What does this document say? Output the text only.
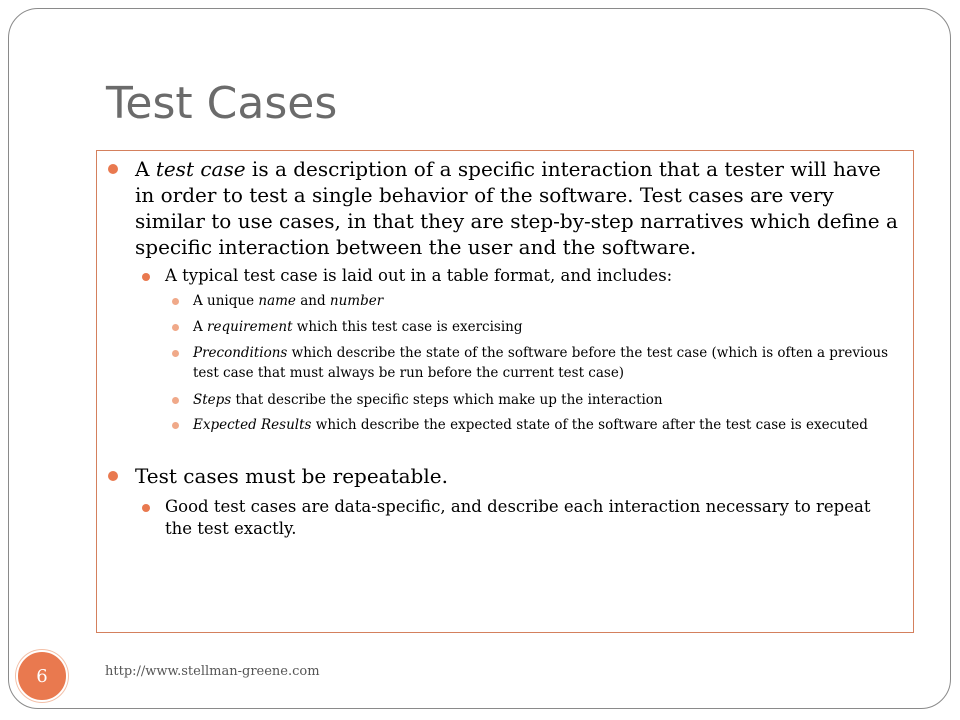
Test Cases

A test case is a description of a specific interaction that a tester will have in order to test a single behavior of the software. Test cases are very similar to use cases, in that they are step-by-step narratives which define a specific interaction between the user and the software.

A typical test case is laid out in a table format, and includes:

A unique name and number

A requirement which this test case is exercising

Preconditions which describe the state of the software before the test case (which is often a previous test case that must always be run before the current test case)

Steps that describe the specific steps which make up the interaction

Expected Results which describe the expected state of the software after the test case is executed

Test cases must be repeatable.

Good test cases are data-specific, and describe each interaction necessary to repeat the test exactly.

6	http://www.stellman-greene.com
